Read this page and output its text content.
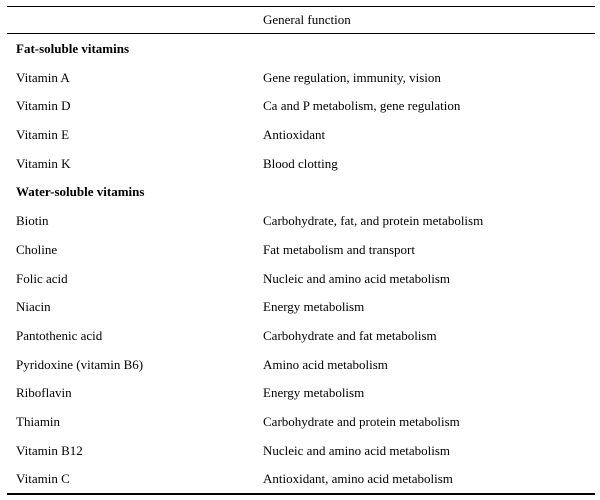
General function
Fat-soluble vitamins
Vitamin A	Gene regulation, immunity, vision
Vitamin D	Ca and P metabolism, gene regulation
Vitamin E	Antioxidant
Vitamin K	Blood clotting
Water-soluble vitamins
Biotin	Carbohydrate, fat, and protein metabolism
Choline	Fat metabolism and transport
Folic acid	Nucleic and amino acid metabolism
Niacin	Energy metabolism
Pantothenic acid	Carbohydrate and fat metabolism
Pyridoxine (vitamin B6)	Amino acid metabolism
Riboflavin	Energy metabolism
Thiamin	Carbohydrate and protein metabolism
Vitamin B12	Nucleic and amino acid metabolism
Vitamin C	Antioxidant, amino acid metabolism
